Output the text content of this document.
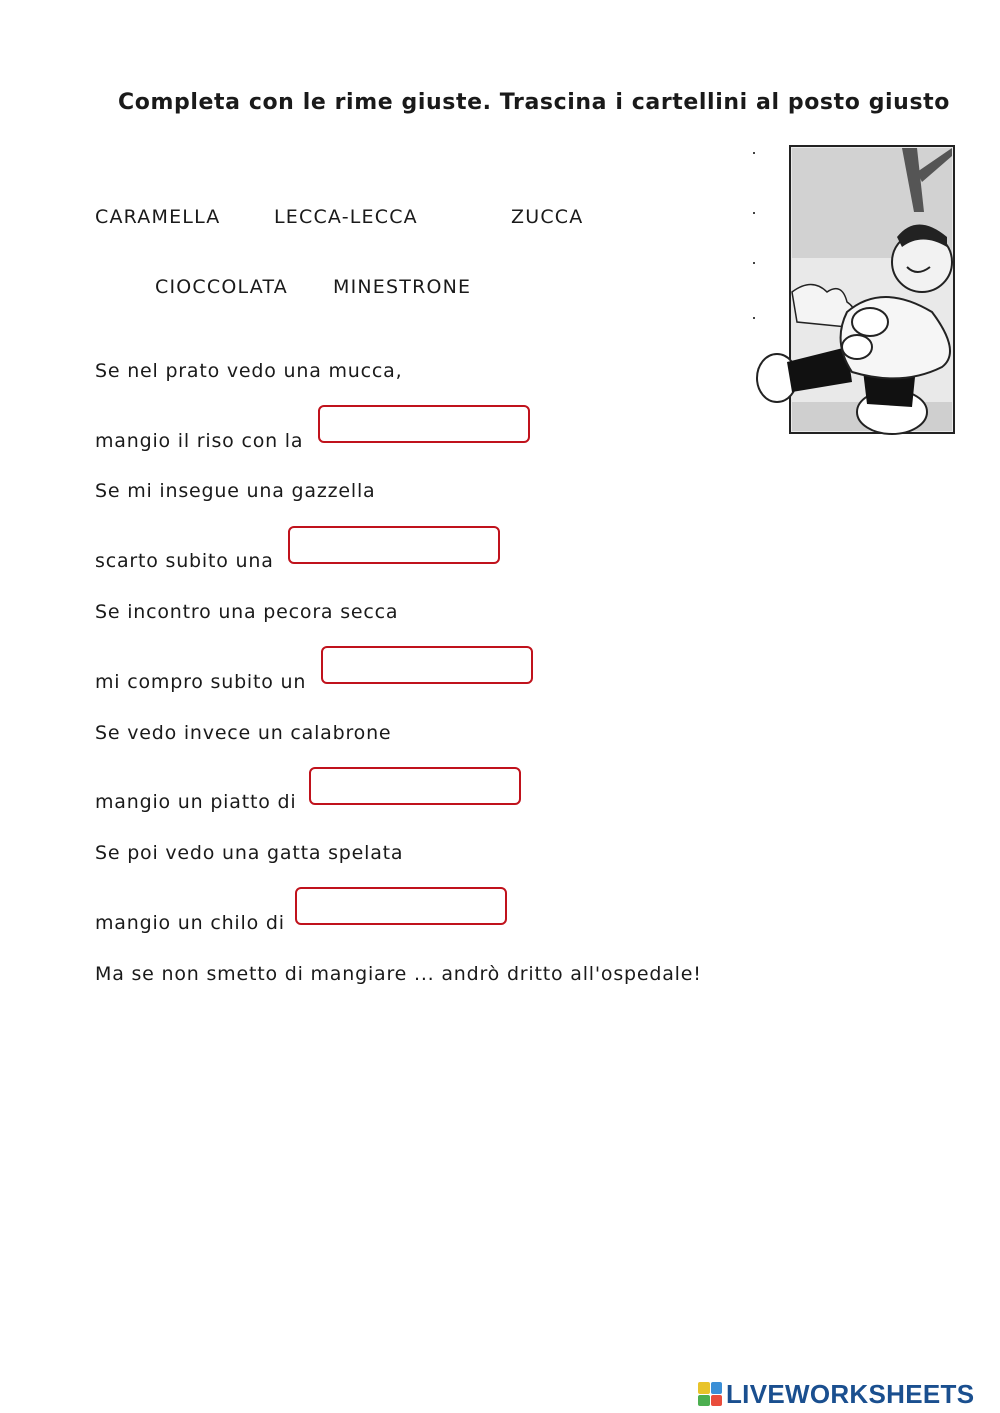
Completa con le rime giuste. Trascina i cartellini al posto giusto
CARAMELLA	LECCA-LECCA	ZUCCA
CIOCCOLATA MINESTRONE
Se nel prato vedo una mucca,
mangio il riso con la
Se mi insegue una gazzella
scarto subito una
Se incontro una pecora secca
mi compro subito un
Se vedo invece un calabrone
mangio un piatto di
Se poi vedo una gatta spelata
mangio un chilo di
Ma se non smetto di mangiare ... andrò dritto all'ospedale!
LIVEWORKSHEETS
